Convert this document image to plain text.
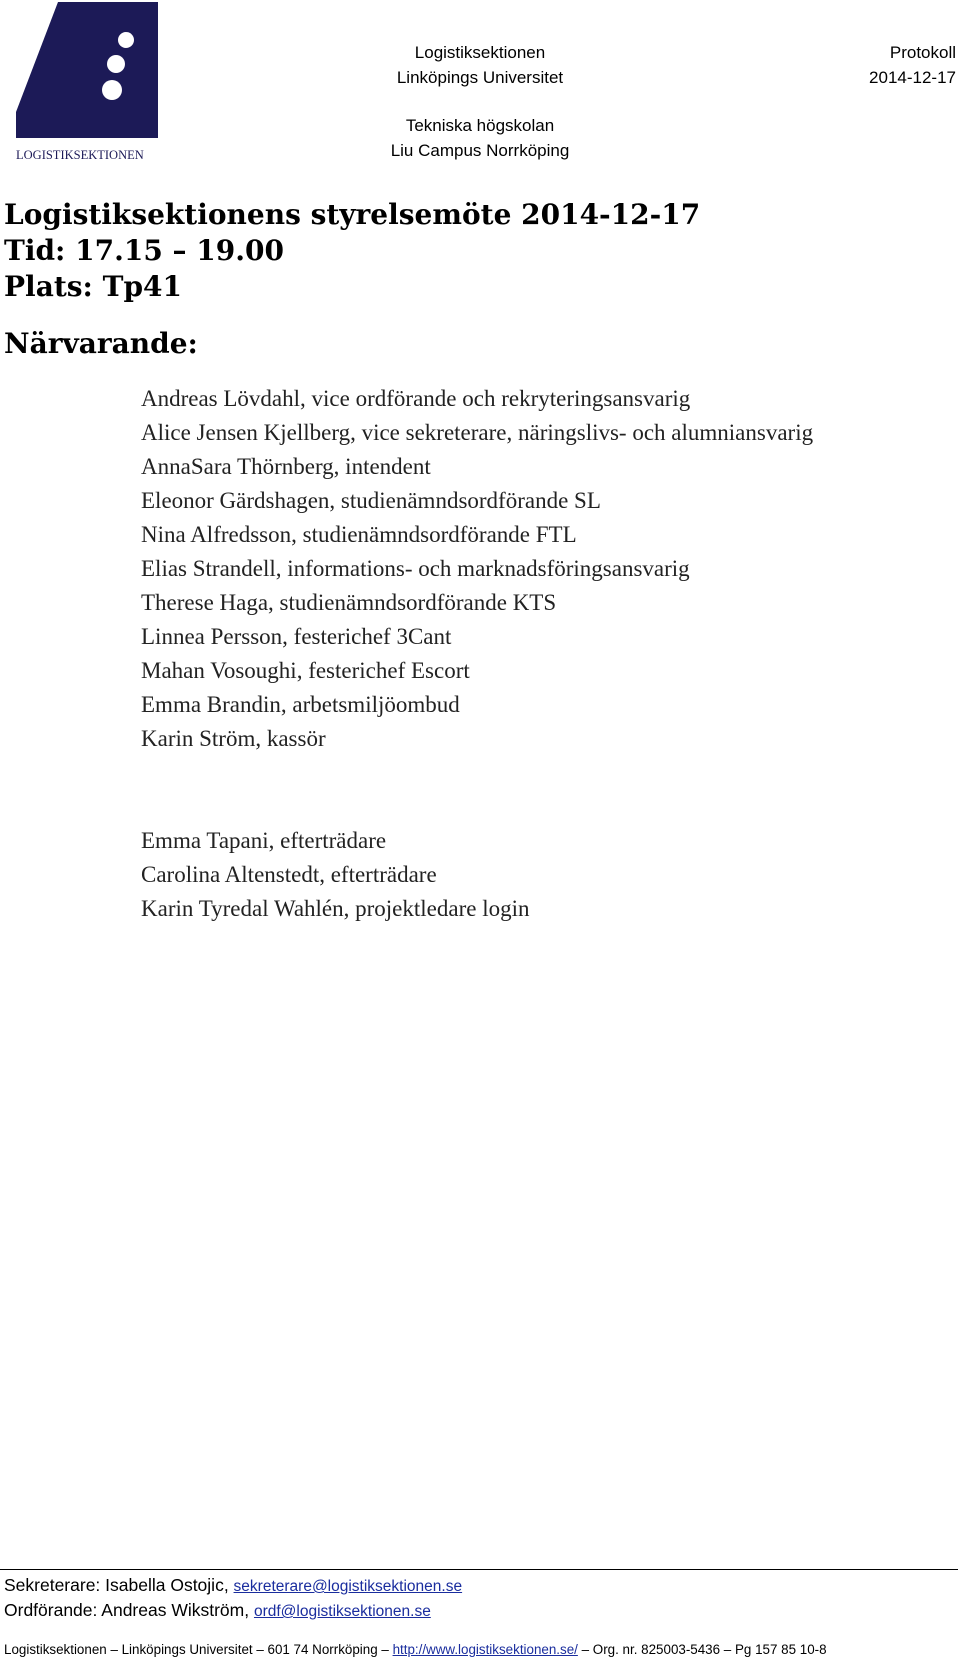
LOGISTIKSEKTIONEN
Logistiksektionen
Linköpings Universitet
Tekniska högskolan
Liu Campus Norrköping
Protokoll
2014-12-17
Logistiksektionens styrelsemöte 2014-12-17
Tid: 17.15 – 19.00
Plats: Tp41
Närvarande:
Andreas Lövdahl, vice ordförande och rekryteringsansvarig
Alice Jensen Kjellberg, vice sekreterare, näringslivs- och alumniansvarig
AnnaSara Thörnberg, intendent
Eleonor Gärdshagen, studienämndsordförande SL
Nina Alfredsson, studienämndsordförande FTL
Elias Strandell, informations- och marknadsföringsansvarig
Therese Haga, studienämndsordförande KTS
Linnea Persson, festerichef 3Cant
Mahan Vosoughi, festerichef Escort
Emma Brandin, arbetsmiljöombud
Karin Ström, kassör
Emma Tapani, efterträdare
Carolina Altenstedt, efterträdare
Karin Tyredal Wahlén, projektledare login
Sekreterare: Isabella Ostojic, sekreterare@logistiksektionen.se
Ordförande: Andreas Wikström, ordf@logistiksektionen.se
Logistiksektionen – Linköpings Universitet – 601 74 Norrköping – http://www.logistiksektionen.se/ – Org. nr. 825003-5436 – Pg 157 85 10-8
